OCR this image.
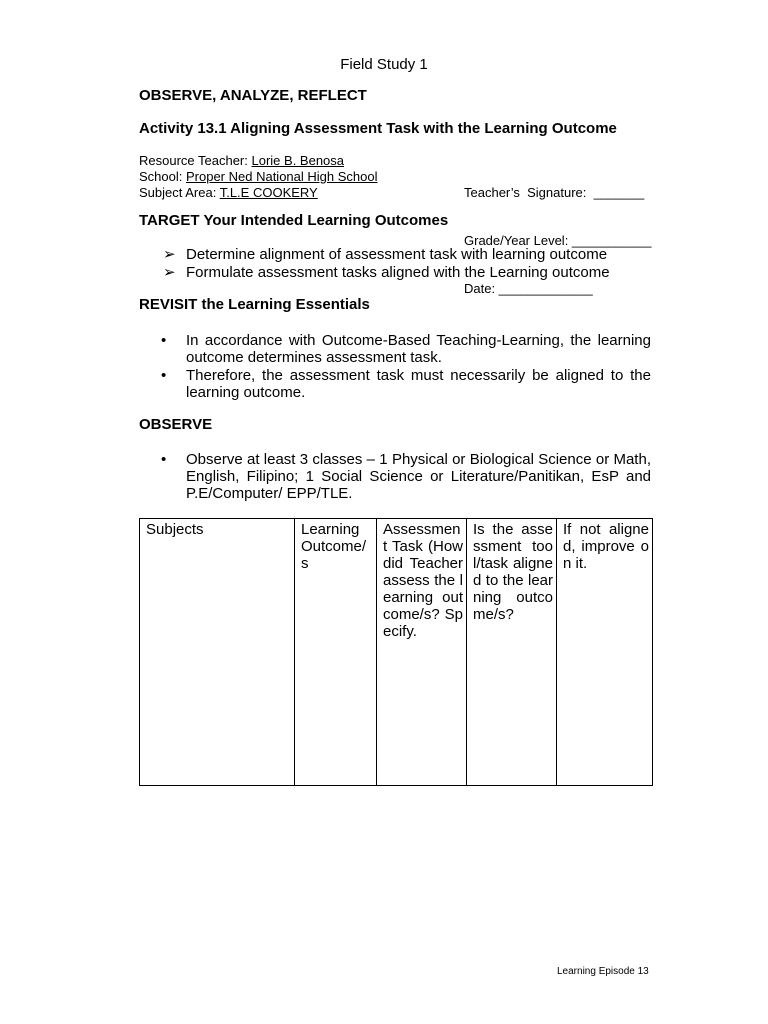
Field Study 1
OBSERVE, ANALYZE, REFLECT
Activity 13.1 Aligning Assessment Task with the Learning Outcome
Resource Teacher: Lorie B. Benosa
School: Proper Ned National High School
Subject Area: T.L.E COOKERY

	Teacher’s  Signature:  _______

Grade/Year Level: ___________

Date: _____________

TARGET Your Intended Learning Outcomes
➢ Determine alignment of assessment task with learning outcome
➢ Formulate assessment tasks aligned with the Learning outcome
REVISIT the Learning Essentials
• In accordance with Outcome-Based Teaching-Learning, the learning outcome determines assessment task.
• Therefore, the assessment task must necessarily be aligned to the learning outcome.
OBSERVE
• Observe at least 3 classes – 1 Physical or Biological Science or Math, English, Filipino; 1 Social Science or Literature/Panitikan, EsP and P.E/Computer/ EPP/TLE.
Subjects	Learning Outcome/s	Assessment Task (How did Teacher assess the learning outcome/s? Specify.	Is the assessment tool/task aligned to the learning outcome/s?	If not aligned, improve on it.
Learning Episode 13
